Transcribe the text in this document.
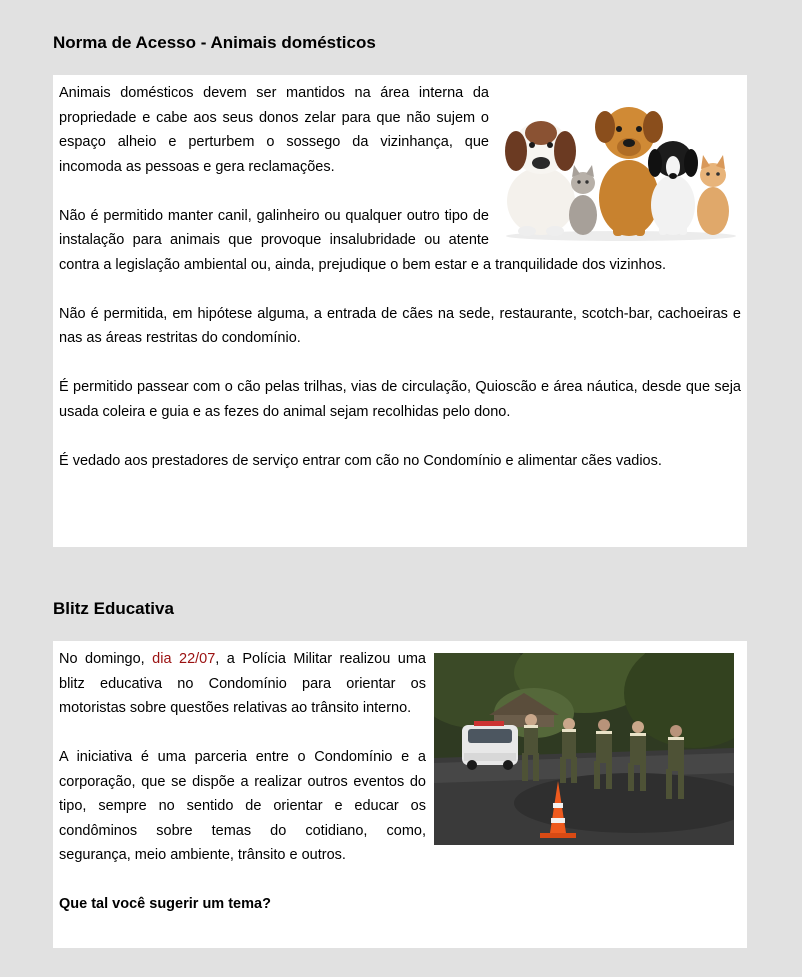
Norma de Acesso - Animais domésticos

Animais domésticos devem ser mantidos na área interna da propriedade e cabe aos seus donos zelar para que não sujem o espaço alheio e perturbem o sossego da vizinhança, que incomoda as pessoas e gera reclamações.

Não é permitido manter canil, galinheiro ou qualquer outro tipo de instalação para animais que provoque insalubridade ou atente contra a legislação ambiental ou, ainda, prejudique o bem estar e a tranquilidade dos vizinhos.

Não é permitida, em hipótese alguma, a entrada de cães na sede, restaurante, scotch-bar, cachoeiras e nas as áreas restritas do condomínio.

É permitido passear com o cão pelas trilhas, vias de circulação, Quioscão e área náutica, desde que seja usada coleira e guia e as fezes do animal sejam recolhidas pelo dono.

É vedado aos prestadores de serviço entrar com cão no Condomínio e alimentar cães vadios.

Blitz Educativa

No domingo, dia 22/07, a Polícia Militar realizou uma blitz educativa no Condomínio para orientar os motoristas sobre questões relativas ao trânsito interno.

A iniciativa é uma parceria entre o Condomínio e a corporação, que se dispõe a realizar outros eventos do tipo, sempre no sentido de orientar e educar os condôminos sobre temas do cotidiano, como, segurança, meio ambiente, trânsito e outros.

Que tal você sugerir um tema?
